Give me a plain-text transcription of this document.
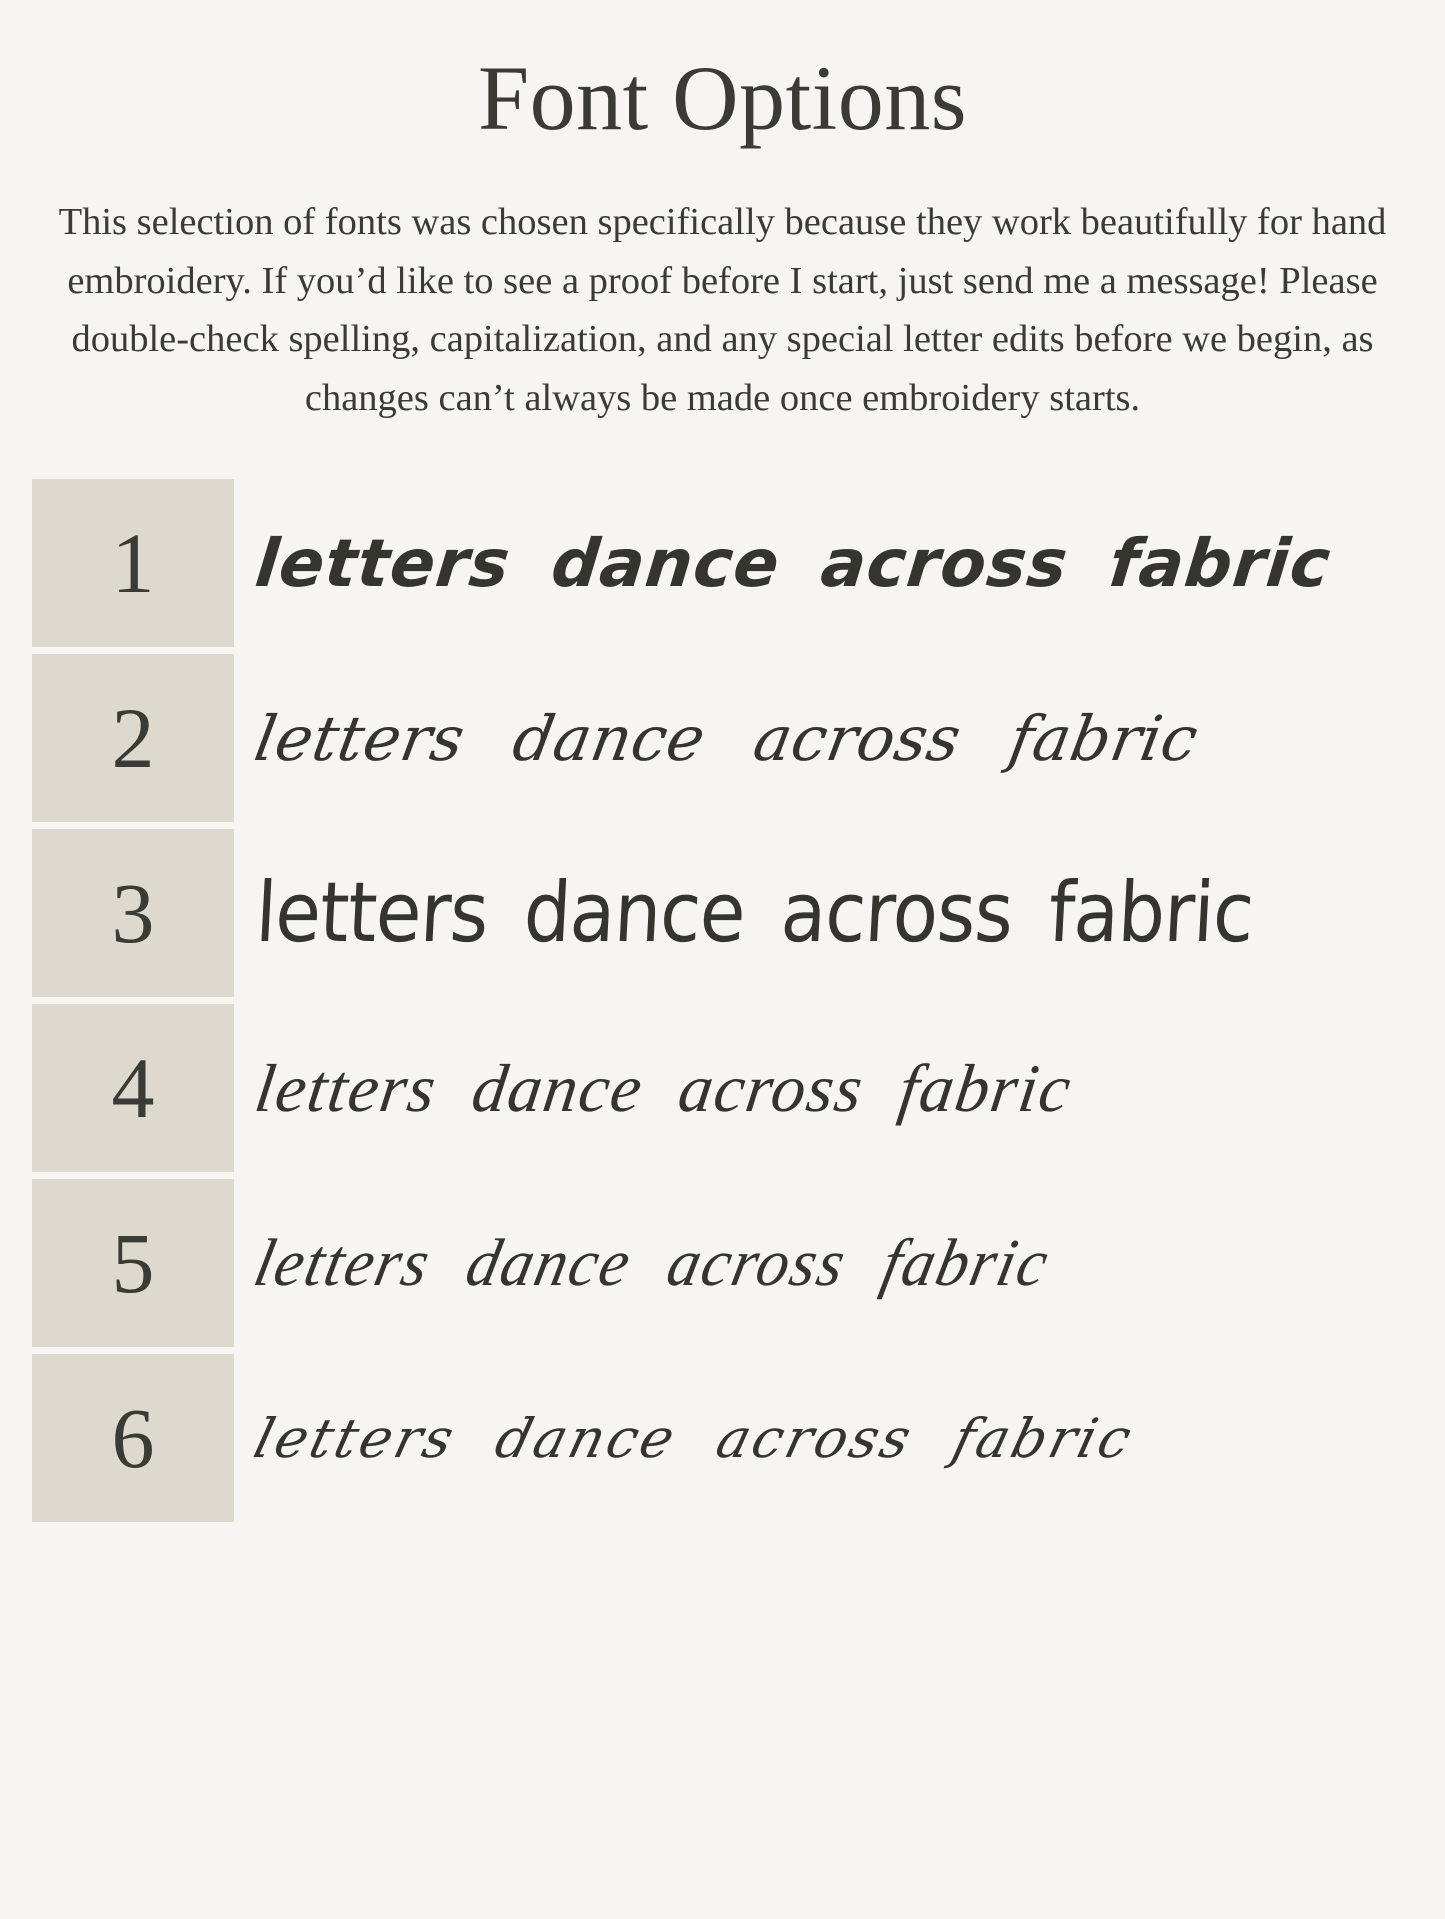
Font Options

This selection of fonts was chosen specifically because they work beautifully for hand embroidery. If you’d like to see a proof before I start, just send me a message! Please double-check spelling, capitalization, and any special letter edits before we begin, as changes can’t always be made once embroidery starts.

1	letters dance across fabric
2	letters dance across fabric
3	letters dance across fabric
4	letters dance across fabric
5	letters dance across fabric
6	letters dance across fabric
